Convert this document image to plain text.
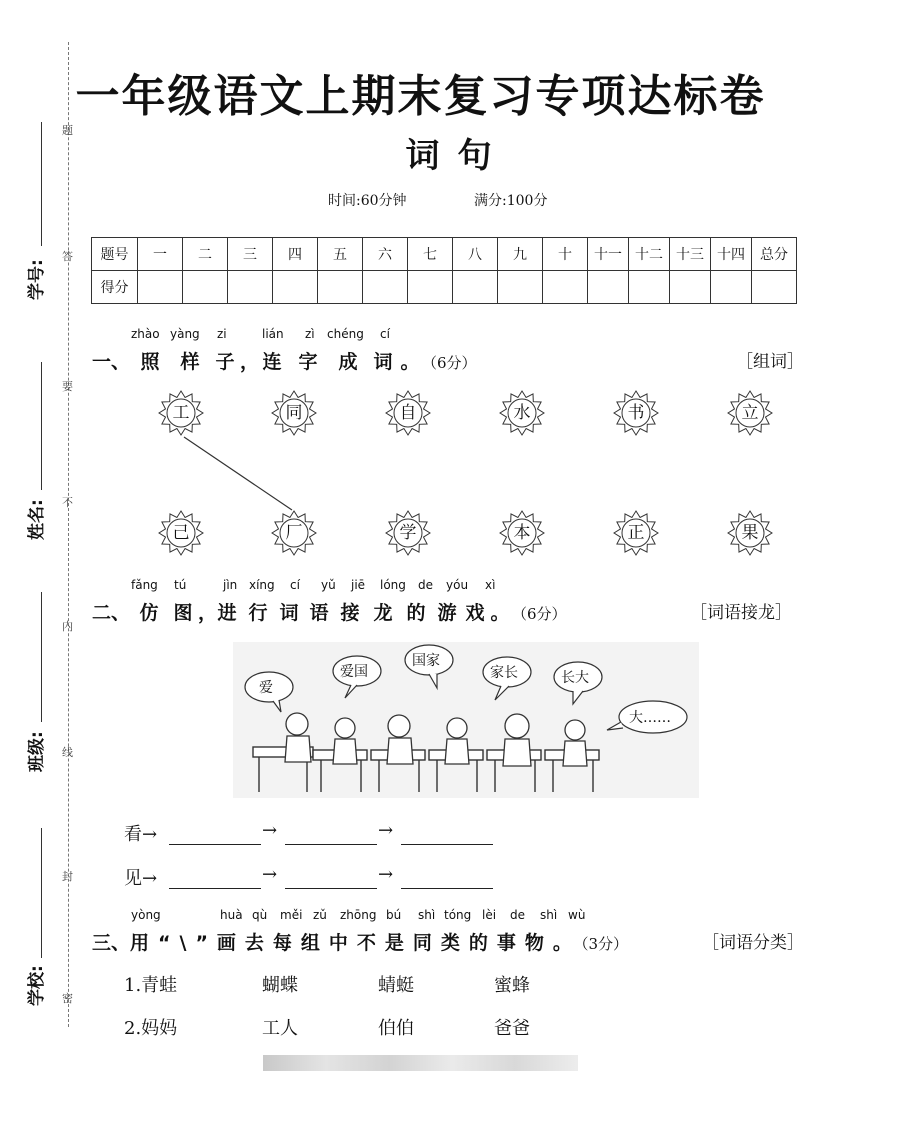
题
答
要
不
内
线
封
密
学号:
姓名:
班级:
学校:
一年级语文上期末复习专项达标卷
词句
时间:60分钟	满分:100分
题号	一	二	三	四	五	六	七	八	九	十	十一	十二	十三	十四	总分
得分															
zhào yàng zi	lián zì chéng cí
一、 照 样 子 ， 连 字 成 词 。 （6分）	［组词］
工	同	自	水	书	立
己	厂	学	本	正	果
fǎng tú	jìn xíng cí yǔ jiē lóng de yóu xì
二、 仿 图 ，进 行 词 语 接 龙 的 游 戏 。 （6分）	［词语接龙］
爱
爱国
国家
家长	长大
大……
看→	→	→
见→	→	→
yòng	huà qù měi zǔ zhōng bú shì tóng lèi de shì wù
三、用“\”画去每组中不是同类的事物。（3分）	［词语分类］
1.青蛙	蝴蝶	蜻蜓	蜜蜂
2.妈妈	工人	伯伯	爸爸
